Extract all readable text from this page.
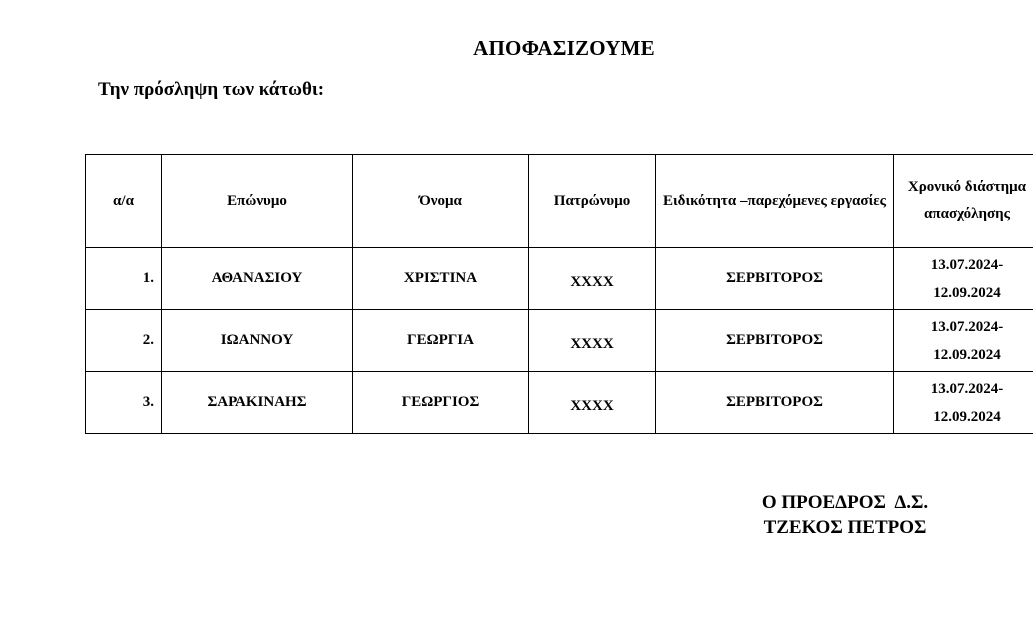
ΑΠΟΦΑΣΙΖΟΥΜΕ
Την πρόσληψη των κάτωθι:
α/α	Επώνυμο	Όνομα	Πατρώνυμο	Ειδικότητα –παρεχόμενες εργασίες	Χρονικό διάστημα απασχόλησης
1.	ΑΘΑΝΑΣΙΟΥ	ΧΡΙΣΤΙΝΑ	XXXX	ΣΕΡΒΙΤΟΡΟΣ	13.07.2024-
12.09.2024

2.	ΙΩΑΝΝΟΥ	ΓΕΩΡΓΙΑ	XXXX	ΣΕΡΒΙΤΟΡΟΣ	13.07.2024-
12.09.2024

3.	ΣΑΡΑΚΙΝΑΗΣ	ΓΕΩΡΓΙΟΣ	XXXX	ΣΕΡΒΙΤΟΡΟΣ	13.07.2024-
12.09.2024
Ο ΠΡΟΕΔΡΟΣ  Δ.Σ.
ΤΖΕΚΟΣ ΠΕΤΡΟΣ
